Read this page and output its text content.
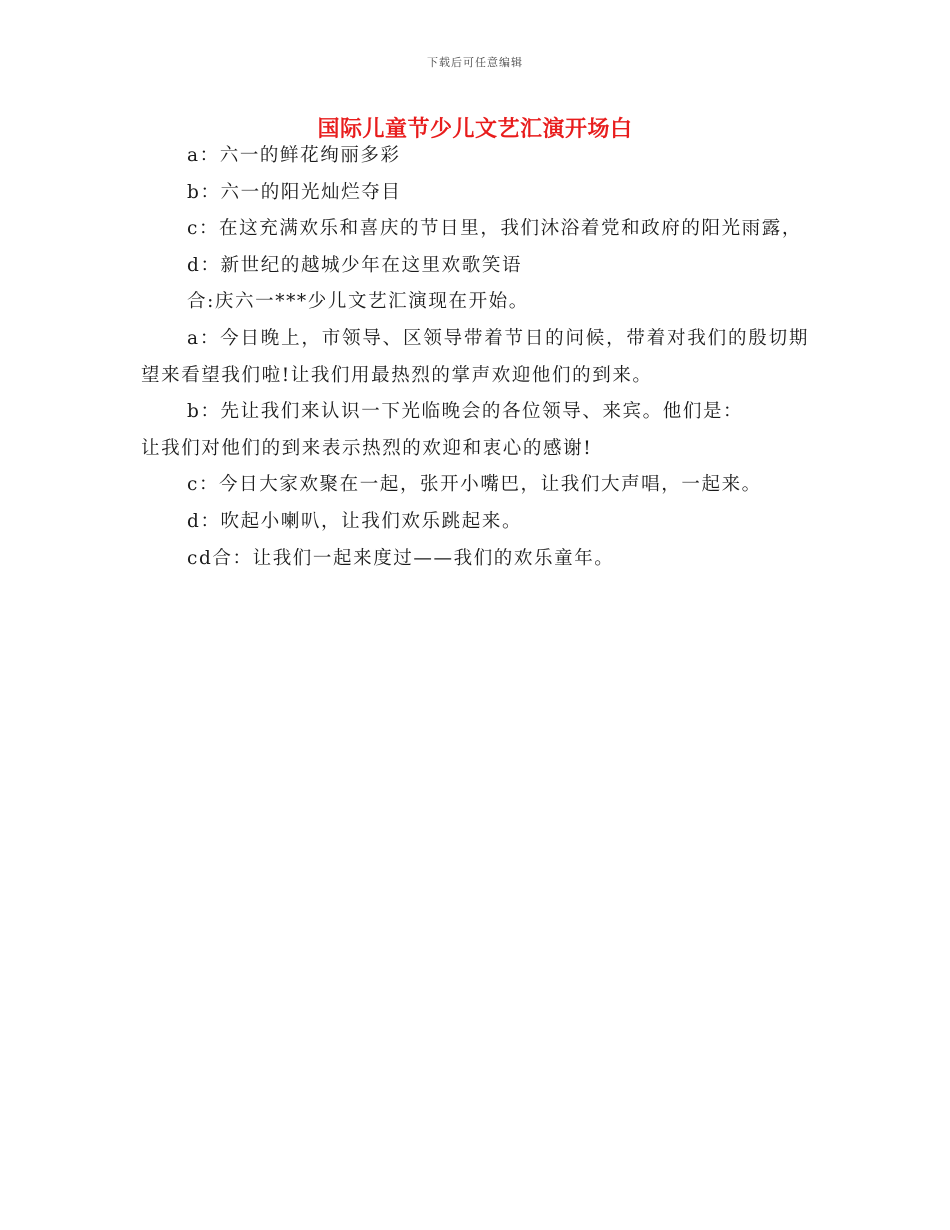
下载后可任意编辑
国际儿童节少儿文艺汇演开场白

a：六一的鲜花绚丽多彩

b：六一的阳光灿烂夺目

c：在这充满欢乐和喜庆的节日里，我们沐浴着党和政府的阳光雨露，

d：新世纪的越城少年在这里欢歌笑语

合:庆六一***少儿文艺汇演现在开始。

a：今日晚上，市领导、区领导带着节日的问候，带着对我们的殷切期望来看望我们啦!让我们用最热烈的掌声欢迎他们的到来。

b：先让我们来认识一下光临晚会的各位领导、来宾。他们是：

让我们对他们的到来表示热烈的欢迎和衷心的感谢!

c：今日大家欢聚在一起，张开小嘴巴，让我们大声唱，一起来。

d：吹起小喇叭，让我们欢乐跳起来。

cd合：让我们一起来度过——我们的欢乐童年。
